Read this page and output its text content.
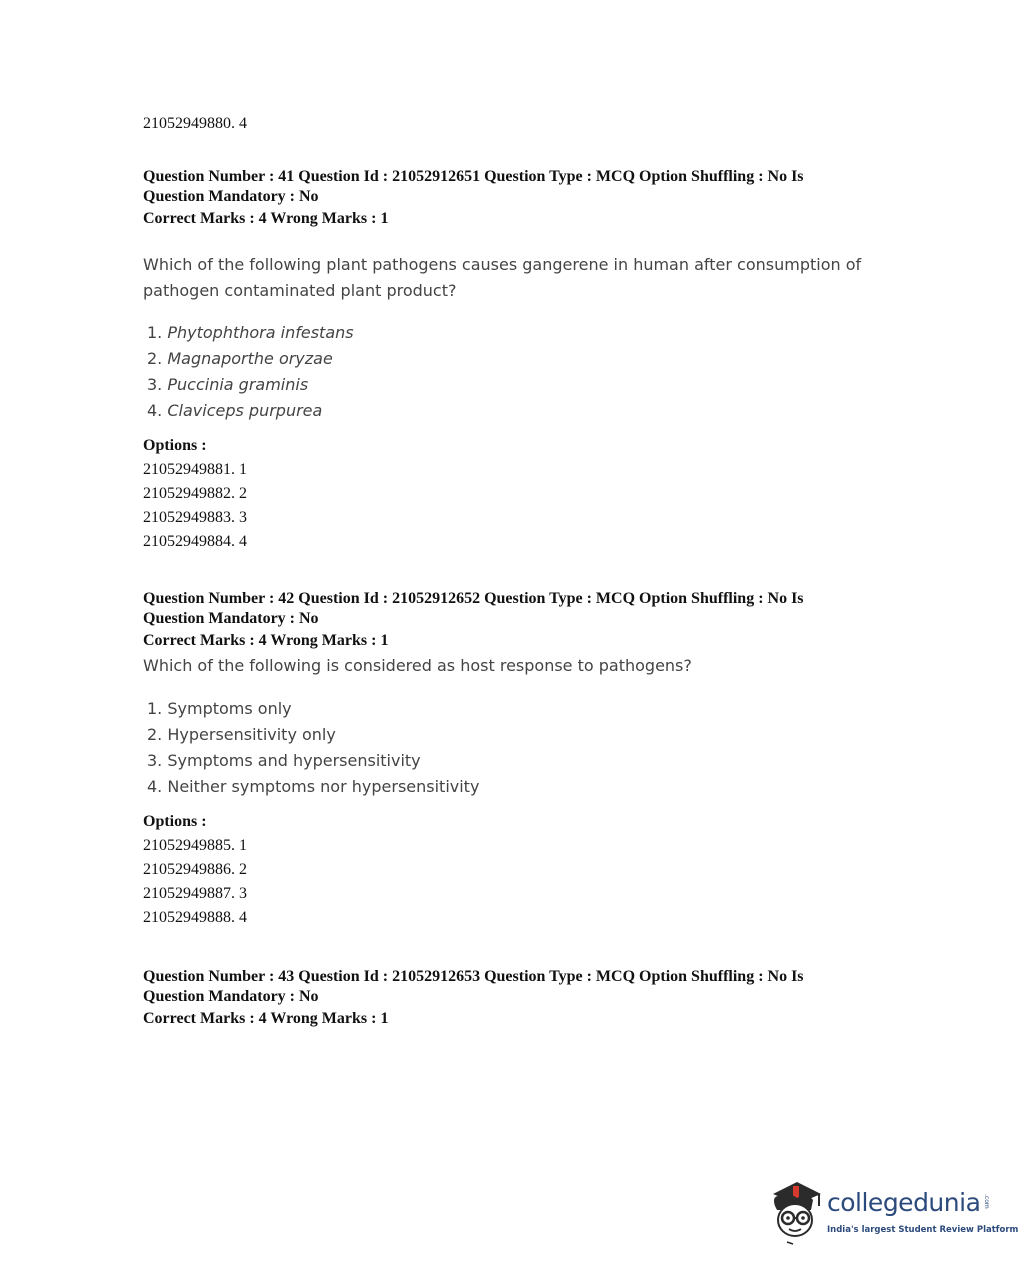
21052949880. 4

Question Number : 41 Question Id : 21052912651 Question Type : MCQ Option Shuffling : No Is

Question Mandatory : No

Correct Marks : 4 Wrong Marks : 1

Which of the following plant pathogens causes gangerene in human after consumption of

pathogen contaminated plant product?

1. Phytophthora infestans
2. Magnaporthe oryzae
3. Puccinia graminis
4. Claviceps purpurea

Options :

21052949881. 1
21052949882. 2
21052949883. 3
21052949884. 4

Question Number : 42 Question Id : 21052912652 Question Type : MCQ Option Shuffling : No Is

Question Mandatory : No

Correct Marks : 4 Wrong Marks : 1

Which of the following is considered as host response to pathogens?

1. Symptoms only
2. Hypersensitivity only
3. Symptoms and hypersensitivity
4. Neither symptoms nor hypersensitivity

Options :

21052949885. 1
21052949886. 2
21052949887. 3
21052949888. 4

Question Number : 43 Question Id : 21052912653 Question Type : MCQ Option Shuffling : No Is

Question Mandatory : No

Correct Marks : 4 Wrong Marks : 1

collegedunia .com
India's largest Student Review Platform
